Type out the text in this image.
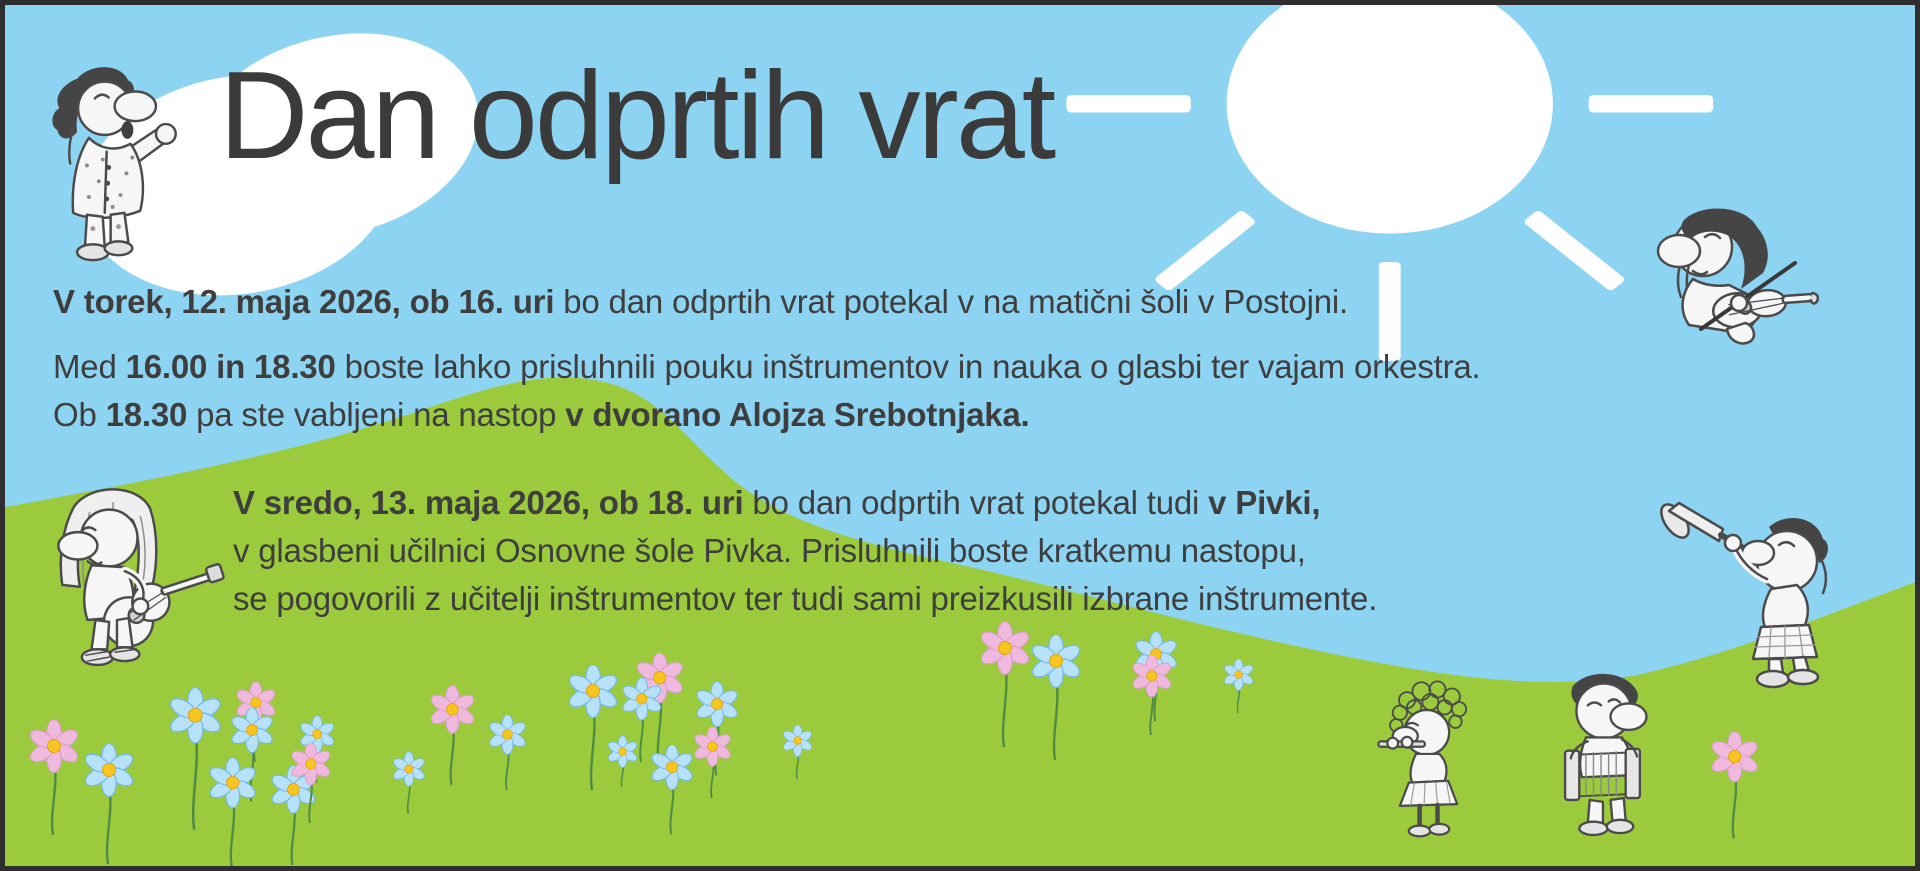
Dan odprtih vrat

V torek, 12. maja 2026, ob 16. uri bo dan odprtih vrat potekal v na matični šoli v Postojni.

Med 16.00 in 18.30 boste lahko prisluhnili pouku inštrumentov in nauka o glasbi ter vajam orkestra.

Ob 18.30 pa ste vabljeni na nastop v dvorano Alojza Srebotnjaka.

V sredo, 13. maja 2026, ob 18. uri bo dan odprtih vrat potekal tudi v Pivki,

v glasbeni učilnici Osnovne šole Pivka. Prisluhnili boste kratkemu nastopu,

se pogovorili z učitelji inštrumentov ter tudi sami preizkusili izbrane inštrumente.
